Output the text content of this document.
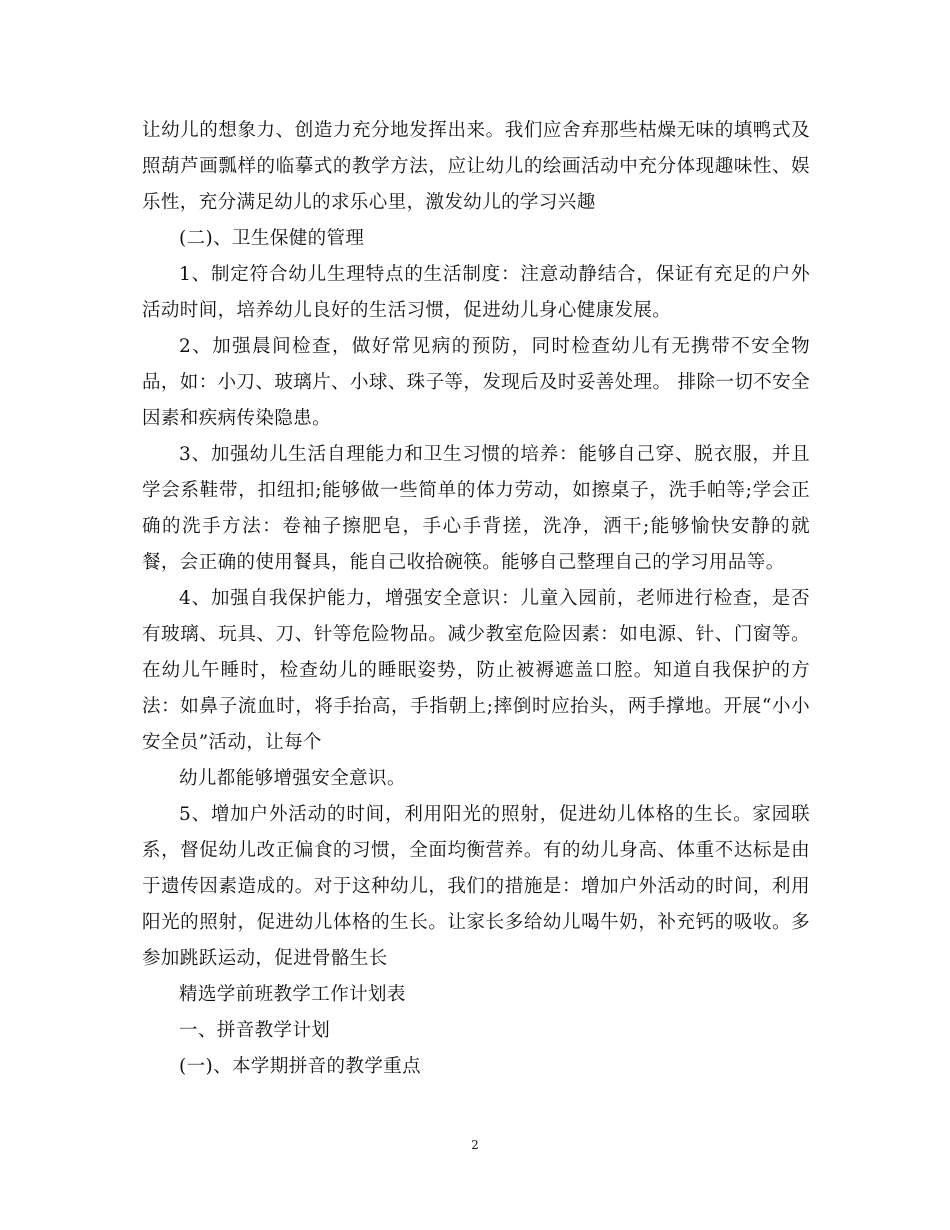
让幼儿的想象力、创造力充分地发挥出来。我们应舍弃那些枯燥无味的填鸭式及照葫芦画瓢样的临摹式的教学方法，应让幼儿的绘画活动中充分体现趣味性、娱乐性，充分满足幼儿的求乐心里，激发幼儿的学习兴趣

(二)、卫生保健的管理

1、制定符合幼儿生理特点的生活制度：注意动静结合，保证有充足的户外活动时间，培养幼儿良好的生活习惯，促进幼儿身心健康发展。

2、加强晨间检查，做好常见病的预防，同时检查幼儿有无携带不安全物品，如：小刀、玻璃片、小球、珠子等，发现后及时妥善处理。 排除一切不安全因素和疾病传染隐患。

3、加强幼儿生活自理能力和卫生习惯的培养：能够自己穿、脱衣服，并且学会系鞋带，扣纽扣;能够做一些简单的体力劳动，如擦桌子，洗手帕等;学会正确的洗手方法：卷袖子擦肥皂，手心手背搓，洗净，洒干;能够愉快安静的就餐，会正确的使用餐具，能自己收拾碗筷。能够自己整理自己的学习用品等。

4、加强自我保护能力，增强安全意识：儿童入园前，老师进行检查，是否有玻璃、玩具、刀、针等危险物品。减少教室危险因素：如电源、针、门窗等。在幼儿午睡时，检查幼儿的睡眠姿势，防止被褥遮盖口腔。知道自我保护的方法：如鼻子流血时，将手抬高，手指朝上;摔倒时应抬头，两手撑地。开展“小小安全员”活动，让每个

幼儿都能够增强安全意识。

5、增加户外活动的时间，利用阳光的照射，促进幼儿体格的生长。家园联系，督促幼儿改正偏食的习惯，全面均衡营养。有的幼儿身高、体重不达标是由于遗传因素造成的。对于这种幼儿，我们的措施是：增加户外活动的时间，利用阳光的照射，促进幼儿体格的生长。让家长多给幼儿喝牛奶，补充钙的吸收。多参加跳跃运动，促进骨骼生长

精选学前班教学工作计划表

一、拼音教学计划

(一)、本学期拼音的教学重点

2
